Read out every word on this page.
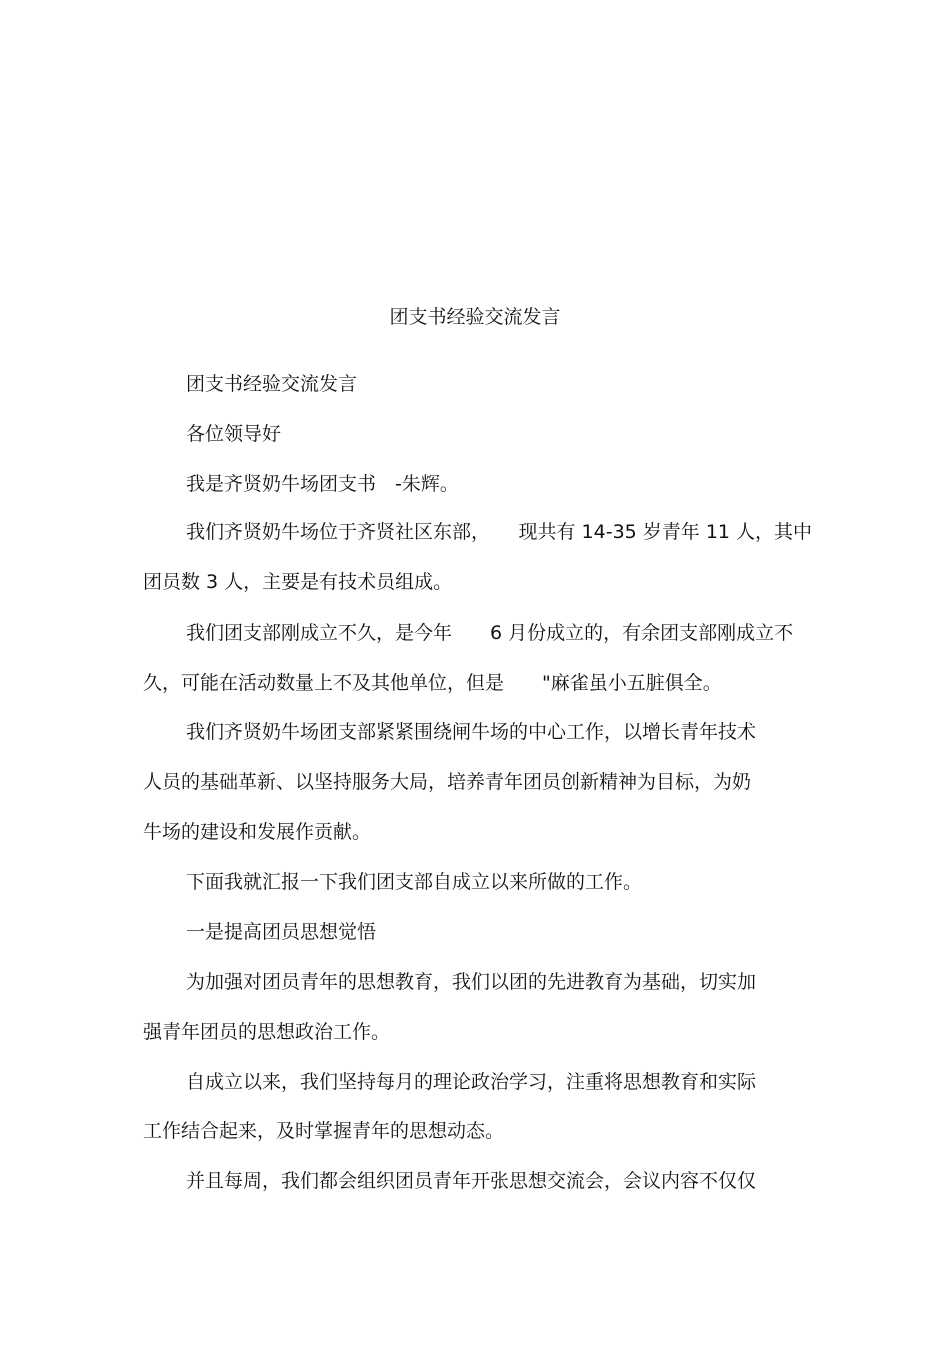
团支书经验交流发言

团支书经验交流发言

各位领导好

我是齐贤奶牛场团支书　-朱辉。

我们齐贤奶牛场位于齐贤社区东部，　　现共有 14-35 岁青年 11 人，其中

团员数 3 人，主要是有技术员组成。

我们团支部刚成立不久，是今年　　6 月份成立的，有余团支部刚成立不

久，可能在活动数量上不及其他单位，但是　　"麻雀虽小五脏俱全。

我们齐贤奶牛场团支部紧紧围绕闸牛场的中心工作，以增长青年技术

人员的基础革新、以坚持服务大局，培养青年团员创新精神为目标，为奶

牛场的建设和发展作贡献。

下面我就汇报一下我们团支部自成立以来所做的工作。

一是提高团员思想觉悟

为加强对团员青年的思想教育，我们以团的先进教育为基础，切实加

强青年团员的思想政治工作。

自成立以来，我们坚持每月的理论政治学习，注重将思想教育和实际

工作结合起来，及时掌握青年的思想动态。

并且每周，我们都会组织团员青年开张思想交流会，会议内容不仅仅
